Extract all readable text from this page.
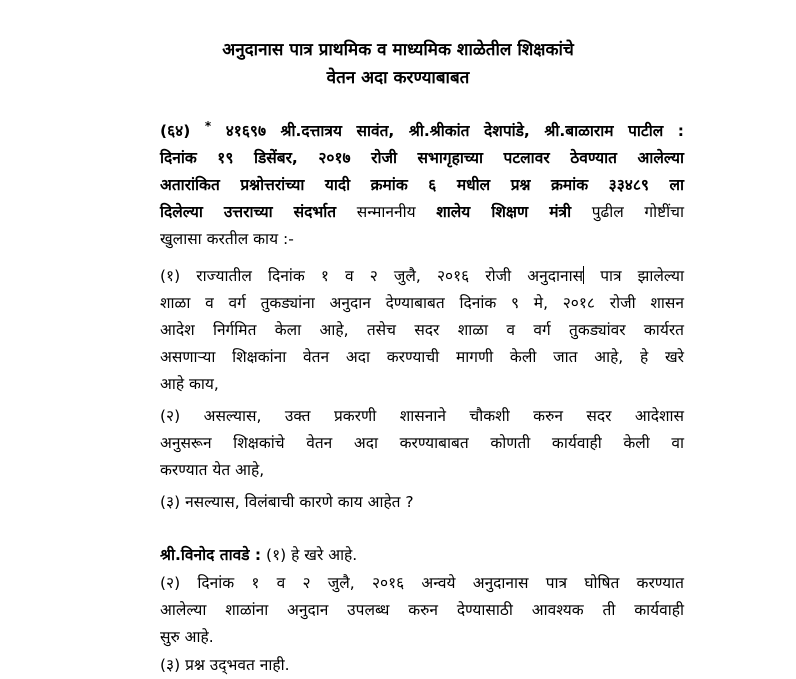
अनुदानास पात्र प्राथमिक व माध्यमिक शाळेतील शिक्षकांचे
वेतन अदा करण्याबाबत
(६४) * ४१६९७ श्री.दत्तात्रय सावंत, श्री.श्रीकांत देशपांडे, श्री.बाळाराम पाटील :
दिनांक १९ डिसेंबर, २०१७ रोजी सभागृहाच्या पटलावर ठेवण्यात आलेल्या
अतारांकित प्रश्नोत्तरांच्या यादी क्रमांक ६ मधील प्रश्न क्रमांक ३३४८९ ला
दिलेल्या उत्तराच्या संदर्भात सन्माननीय शालेय शिक्षण मंत्री पुढील गोष्टींचा
खुलासा करतील काय :-
(१) राज्यातील दिनांक १ व २ जुलै, २०१६ रोजी अनुदानास पात्र झालेल्या
शाळा व वर्ग तुकड्यांना अनुदान देण्याबाबत दिनांक ९ मे, २०१८ रोजी शासन
आदेश निर्गमित केला आहे, तसेच सदर शाळा व वर्ग तुकड्यांवर कार्यरत
असणाऱ्या शिक्षकांना वेतन अदा करण्याची मागणी केली जात आहे, हे खरे
आहे काय,
(२) असल्यास, उक्त प्रकरणी शासनाने चौकशी करुन सदर आदेशास
अनुसरून शिक्षकांचे वेतन अदा करण्याबाबत कोणती कार्यवाही केली वा
करण्यात येत आहे,
(३) नसल्यास, विलंबाची कारणे काय आहेत ?
श्री.विनोद तावडे : (१) हे खरे आहे.
(२) दिनांक १ व २ जुलै, २०१६ अन्वये अनुदानास पात्र घोषित करण्यात
आलेल्या शाळांना अनुदान उपलब्ध करुन देण्यासाठी आवश्यक ती कार्यवाही
सुरु आहे.
(३) प्रश्न उद्‌भवत नाही.
